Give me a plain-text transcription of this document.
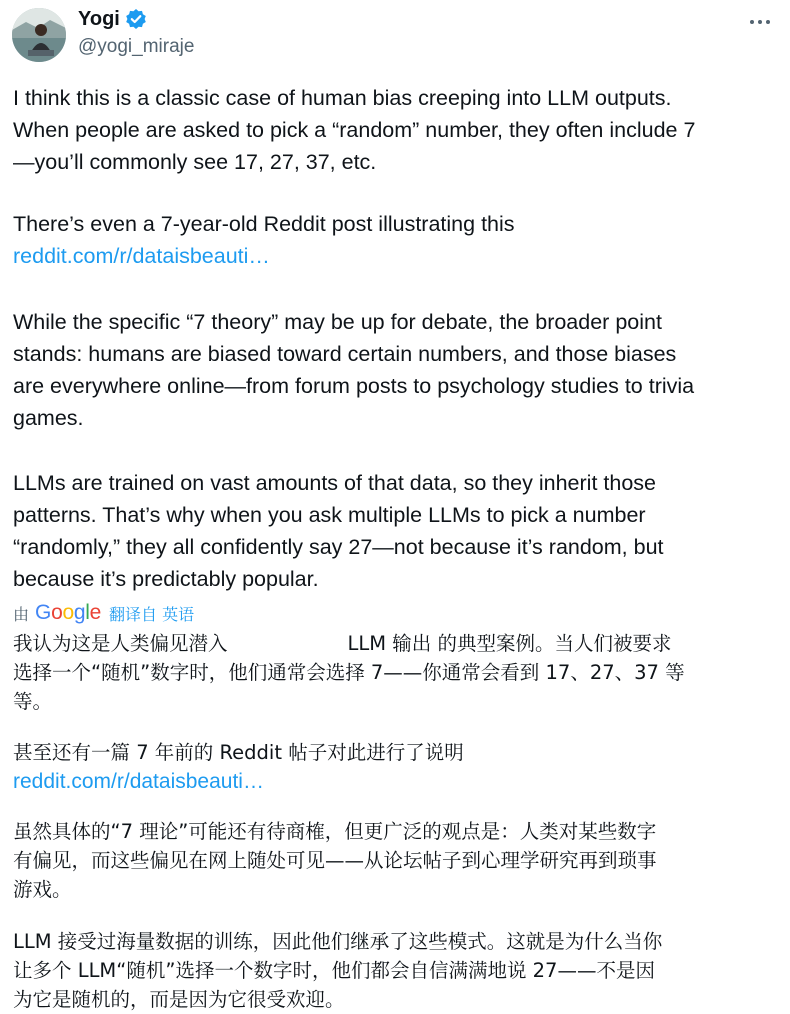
Yogi
@yogi_miraje
I think this is a classic case of human bias creeping into LLM outputs.
When people are asked to pick a “random” number, they often include 7
—you’ll commonly see 17, 27, 37, etc.
There’s even a 7-year-old Reddit post illustrating this
reddit.com/r/dataisbeauti…
While the specific “7 theory” may be up for debate, the broader point
stands: humans are biased toward certain numbers, and those biases
are everywhere online—from forum posts to psychology studies to trivia
games.
LLMs are trained on vast amounts of that data, so they inherit those
patterns. That’s why when you ask multiple LLMs to pick a number
“randomly,” they all confidently say 27—not because it’s random, but
because it’s predictably popular.
由 Google 翻译自 英语
我认为这是人类偏见潜入	LLM 输出 的典型案例。当人们被要求
选择一个“随机”数字时，他们通常会选择 7——你通常会看到 17、27、37 等
等。
甚至还有一篇 7 年前的 Reddit 帖子对此进行了说明
reddit.com/r/dataisbeauti…
虽然具体的“7 理论”可能还有待商榷，但更广泛的观点是：人类对某些数字
有偏见，而这些偏见在网上随处可见——从论坛帖子到心理学研究再到琐事
游戏。
LLM 接受过海量数据的训练，因此他们继承了这些模式。这就是为什么当你
让多个 LLM“随机”选择一个数字时，他们都会自信满满地说 27——不是因
为它是随机的，而是因为它很受欢迎。
